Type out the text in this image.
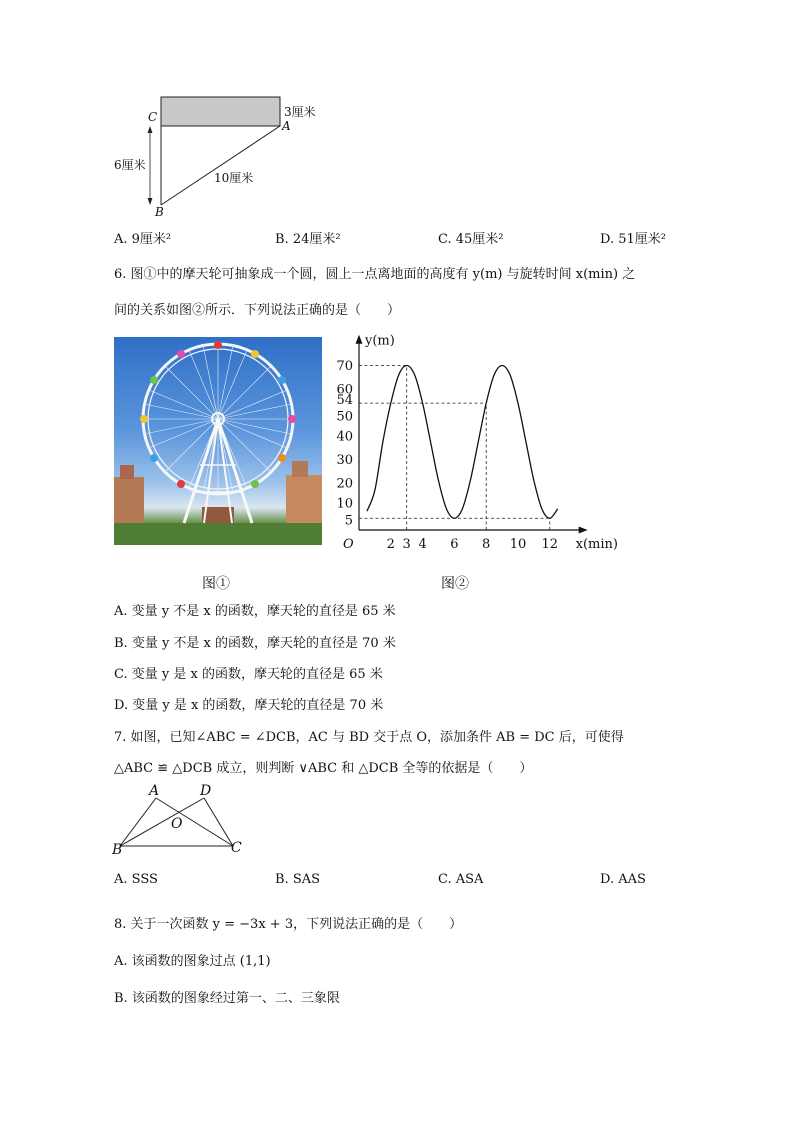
C
A
B
3厘米
6厘米
10厘米
A. 9厘米²	B. 24厘米²	C. 45厘米²	D. 51厘米²
6. 图①中的摩天轮可抽象成一个圆，圆上一点离地面的高度有 y(m) 与旋转时间 x(min) 之
间的关系如图②所示．下列说法正确的是（　　）
2 3 4 6 8 10 12
5
10
20
30
40
50
54
60
70
O	x(min)
y(m)
图①	图②
A. 变量 y 不是 x 的函数，摩天轮的直径是 65 米
B. 变量 y 不是 x 的函数，摩天轮的直径是 70 米
C. 变量 y 是 x 的函数，摩天轮的直径是 65 米
D. 变量 y 是 x 的函数，摩天轮的直径是 70 米
7. 如图，已知∠ABC = ∠DCB，AC 与 BD 交于点 O，添加条件 AB = DC 后，可使得
△ABC ≌ △DCB 成立，则判断 ∨ABC 和 △DCB 全等的依据是（　　）
A	D
O
B	C
A. SSS	B. SAS	C. ASA	D. AAS
8. 关于一次函数 y = −3x + 3，下列说法正确的是（　　）
A. 该函数的图象过点 (1,1)
B. 该函数的图象经过第一、二、三象限
